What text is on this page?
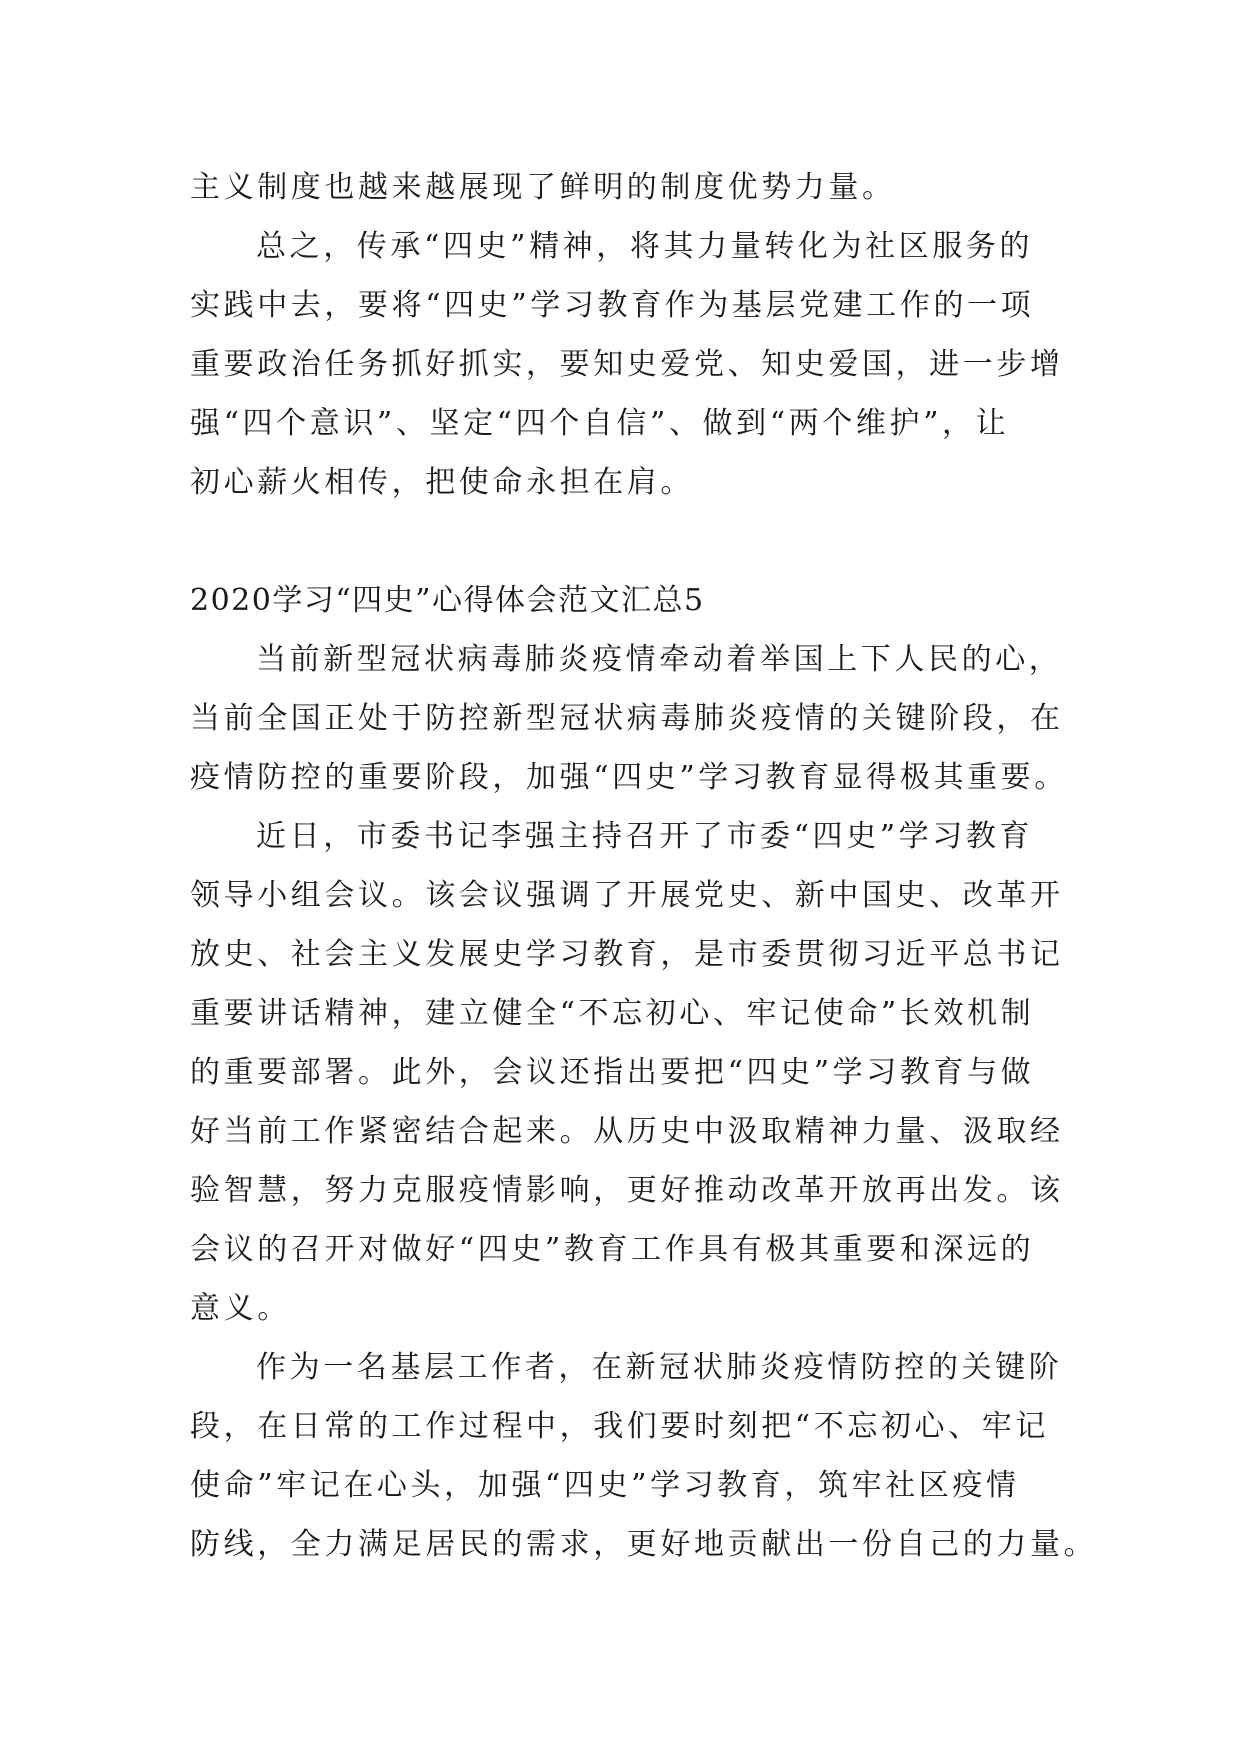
主义制度也越来越展现了鲜明的制度优势力量。
总之，传承“四史”精神，将其力量转化为社区服务的
实践中去，要将“四史”学习教育作为基层党建工作的一项
重要政治任务抓好抓实，要知史爱党、知史爱国，进一步增
强“四个意识”、坚定“四个自信”、做到“两个维护”，让
初心薪火相传，把使命永担在肩。
2020学习“四史”心得体会范文汇总5
当前新型冠状病毒肺炎疫情牵动着举国上下人民的心，
当前全国正处于防控新型冠状病毒肺炎疫情的关键阶段，在
疫情防控的重要阶段，加强“四史”学习教育显得极其重要。
近日，市委书记李强主持召开了市委“四史”学习教育
领导小组会议。该会议强调了开展党史、新中国史、改革开
放史、社会主义发展史学习教育，是市委贯彻习近平总书记
重要讲话精神，建立健全“不忘初心、牢记使命”长效机制
的重要部署。此外，会议还指出要把“四史”学习教育与做
好当前工作紧密结合起来。从历史中汲取精神力量、汲取经
验智慧，努力克服疫情影响，更好推动改革开放再出发。该
会议的召开对做好“四史”教育工作具有极其重要和深远的
意义。
作为一名基层工作者，在新冠状肺炎疫情防控的关键阶
段，在日常的工作过程中，我们要时刻把“不忘初心、牢记
使命”牢记在心头，加强“四史”学习教育，筑牢社区疫情
防线，全力满足居民的需求，更好地贡献出一份自己的力量。
